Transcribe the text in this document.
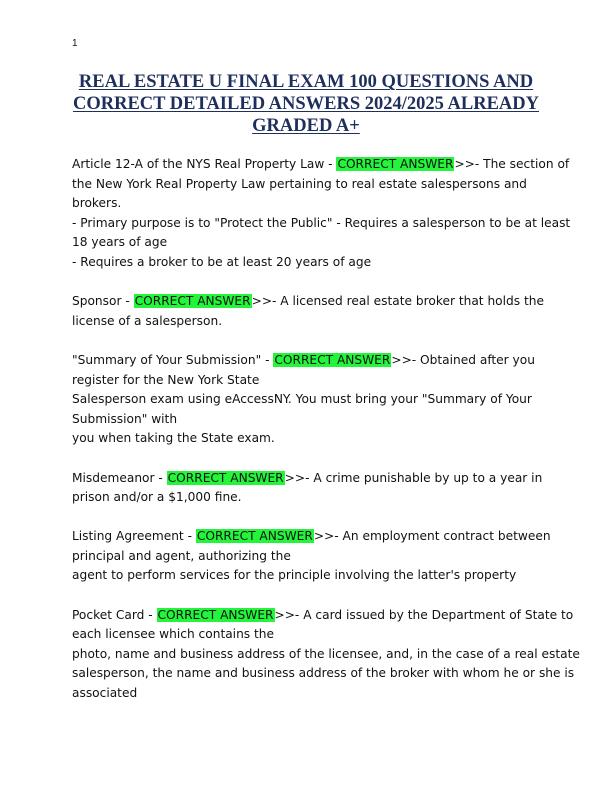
1
REAL ESTATE U FINAL EXAM 100 QUESTIONS AND
CORRECT DETAILED ANSWERS 2024/2025 ALREADY
GRADED A+
Article 12-A of the NYS Real Property Law - CORRECT ANSWER>>- The section of
the New York Real Property Law pertaining to real estate salespersons and
brokers.
- Primary purpose is to "Protect the Public" - Requires a salesperson to be at least
18 years of age
- Requires a broker to be at least 20 years of age
Sponsor - CORRECT ANSWER>>- A licensed real estate broker that holds the
license of a salesperson.
"Summary of Your Submission" - CORRECT ANSWER>>- Obtained after you
register for the New York State
Salesperson exam using eAccessNY. You must bring your "Summary of Your
Submission" with
you when taking the State exam.
Misdemeanor - CORRECT ANSWER>>- A crime punishable by up to a year in
prison and/or a $1,000 fine.
Listing Agreement - CORRECT ANSWER>>- An employment contract between
principal and agent, authorizing the
agent to perform services for the principle involving the latter's property
Pocket Card - CORRECT ANSWER>>- A card issued by the Department of State to
each licensee which contains the
photo, name and business address of the licensee, and, in the case of a real estate
salesperson, the name and business address of the broker with whom he or she is
associated
